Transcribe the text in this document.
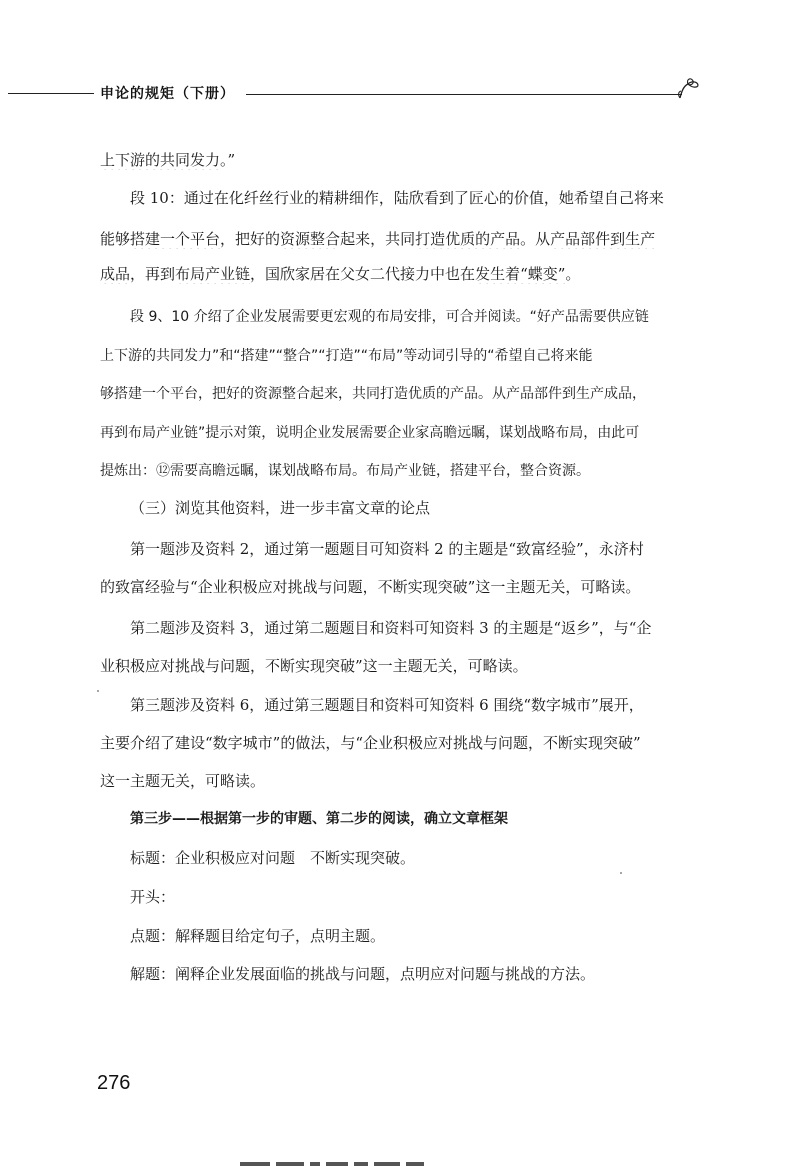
申论的规矩（下册）
上下游的共同发力。”
段 10：通过在化纤丝行业的精耕细作，陆欣看到了匠心的价值，她希望自己将来
能够搭建一个平台，把好的资源整合起来，共同打造优质的产品。从产品部件到生产
成品，再到布局产业链，国欣家居在父女二代接力中也在发生着“蝶变”。
段 9、10 介绍了企业发展需要更宏观的布局安排，可合并阅读。“好产品需要供应链
上下游的共同发力”和“搭建”“整合”“打造”“布局”等动词引导的“希望自己将来能
够搭建一个平台，把好的资源整合起来，共同打造优质的产品。从产品部件到生产成品，
再到布局产业链”提示对策，说明企业发展需要企业家高瞻远瞩，谋划战略布局，由此可
提炼出：⑫需要高瞻远瞩，谋划战略布局。布局产业链，搭建平台，整合资源。
（三）浏览其他资料，进一步丰富文章的论点
第一题涉及资料 2，通过第一题题目可知资料 2 的主题是“致富经验”，永济村
的致富经验与“企业积极应对挑战与问题，不断实现突破”这一主题无关，可略读。
第二题涉及资料 3，通过第二题题目和资料可知资料 3 的主题是“返乡”，与“企
业积极应对挑战与问题，不断实现突破”这一主题无关，可略读。
第三题涉及资料 6，通过第三题题目和资料可知资料 6 围绕“数字城市”展开，
主要介绍了建设“数字城市”的做法，与“企业积极应对挑战与问题，不断实现突破”
这一主题无关，可略读。
第三步——根据第一步的审题、第二步的阅读，确立文章框架
标题：企业积极应对问题　不断实现突破。
开头：
点题：解释题目给定句子，点明主题。
解题：阐释企业发展面临的挑战与问题，点明应对问题与挑战的方法。
276
